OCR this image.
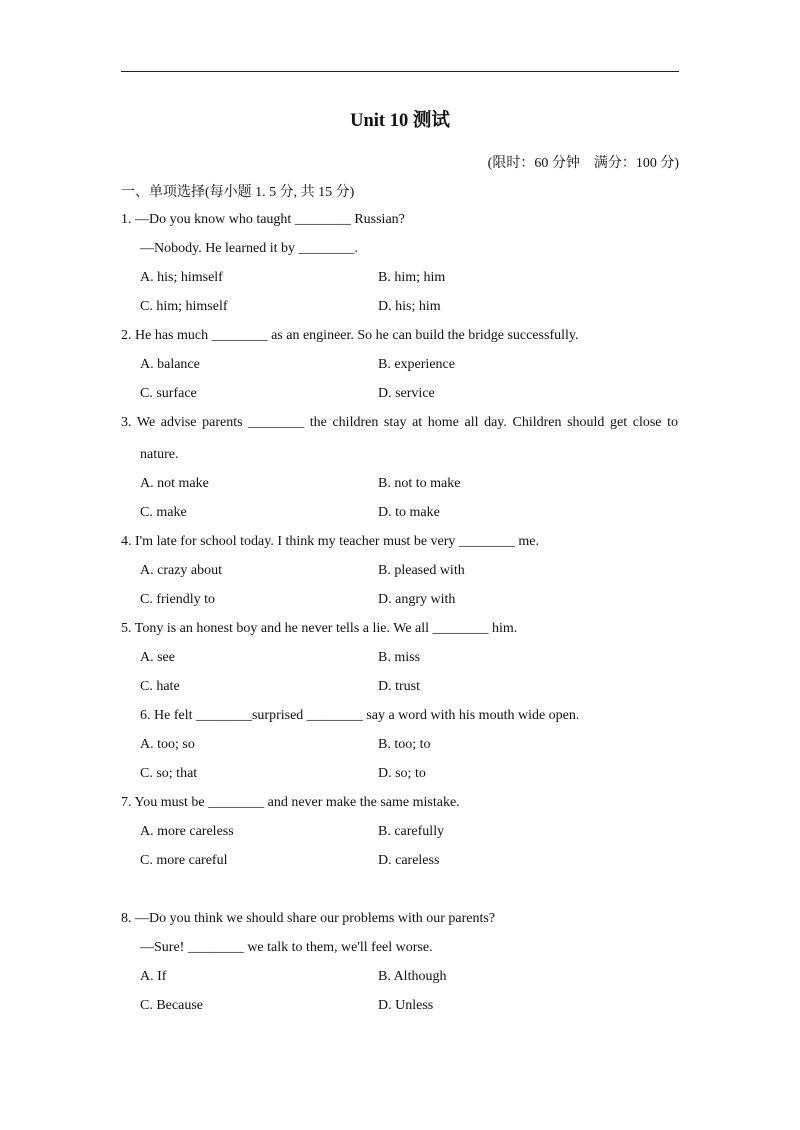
Unit 10 测试
(限时：60 分钟　满分：100 分)
一、单项选择(每小题 1. 5 分, 共 15 分)
1. —Do you know who taught ________ Russian?
—Nobody. He learned it by ________.
A. his; himself	B. him; him
C. him; himself	D. his; him
2. He has much ________ as an engineer. So he can build the bridge successfully.
A. balance	B. experience
C. surface	D. service
3. We advise parents ________ the children stay at home all day. Children should get close to
nature.
A. not make	B. not to make
C. make	D. to make
4. I'm late for school today. I think my teacher must be very ________ me.
A. crazy about	B. pleased with
C. friendly to	D. angry with
5. Tony is an honest boy and he never tells a lie. We all ________ him.
A. see	B. miss
C. hate	D. trust
6. He felt ________surprised ________ say a word with his mouth wide open.
A. too; so	B. too; to
C. so; that	D. so; to
7. You must be ________ and never make the same mistake.
A. more careless	B. carefully
C. more careful	D. careless
8. —Do you think we should share our problems with our parents?
—Sure! ________ we talk to them, we'll feel worse.
A. If	B. Although
C. Because	D. Unless
